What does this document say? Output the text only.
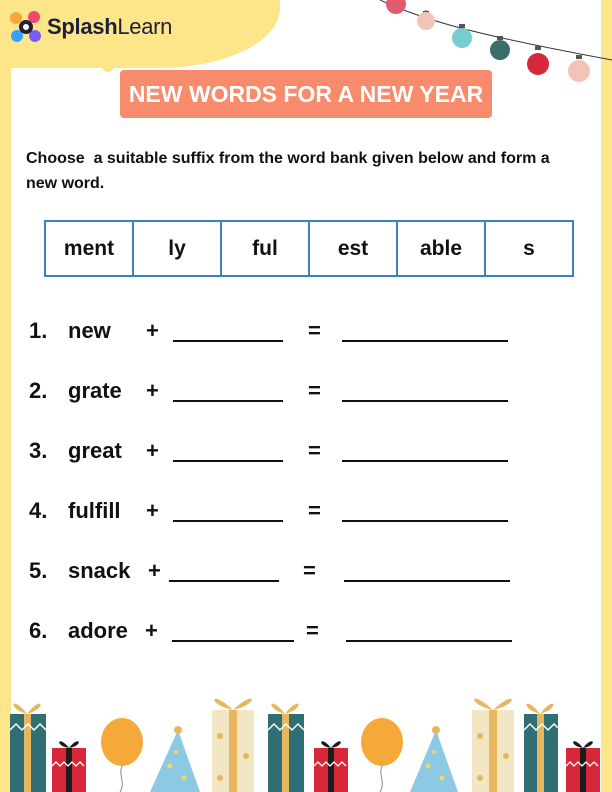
SplashLearn
NEW WORDS FOR A NEW YEAR
Choose  a suitable suffix from the word bank given below and form a
new word.
ment	ly	ful	est	able	s
1. new +	=
2. grate +	=
3. great +	=
4. fulfill +	=
5. snack +	=
6. adore +	=
